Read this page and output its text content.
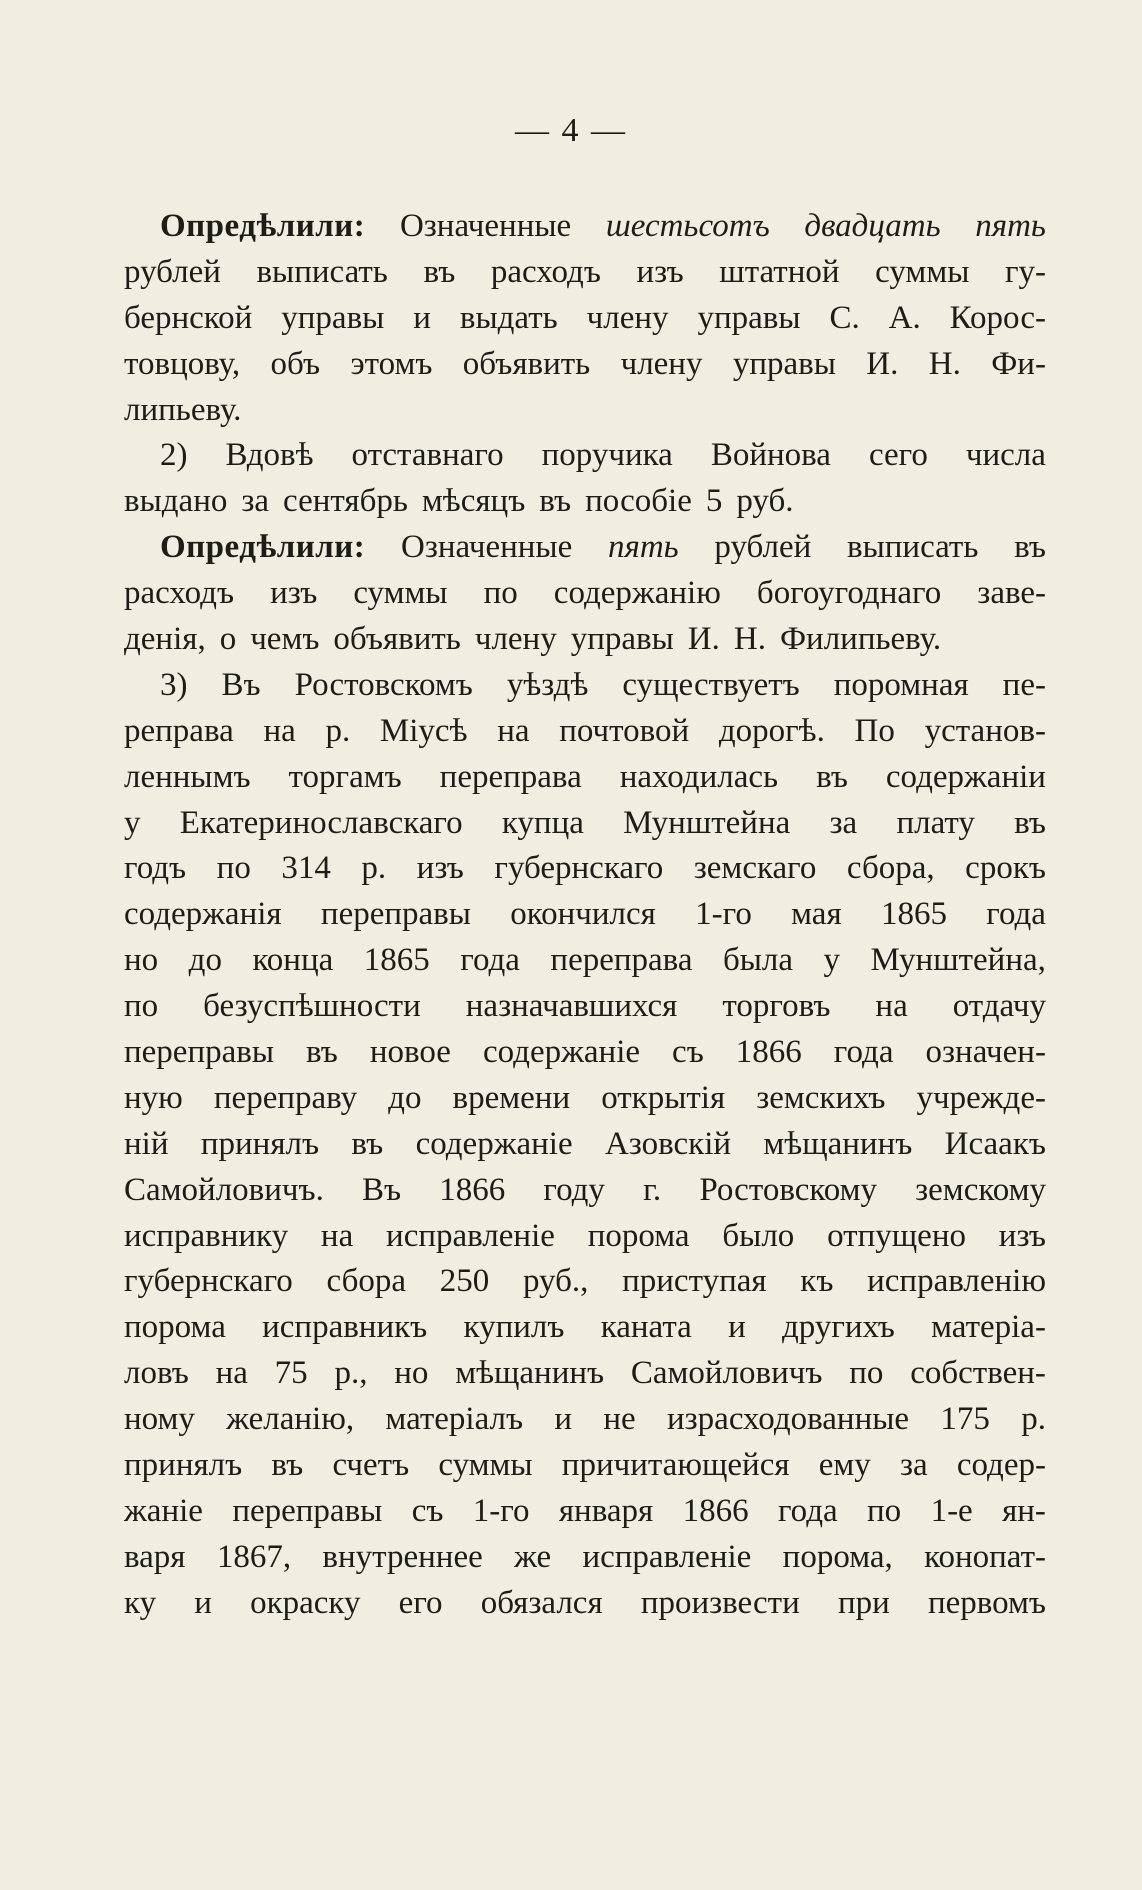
— 4 —
Опредѣлили: Означенные шестьсотъ двадцать пять
рублей выписать въ расходъ изъ штатной суммы гу-
бернской управы и выдать члену управы С. А. Корос-
товцову, объ этомъ объявить члену управы И. Н. Фи-
липьеву.
2) Вдовѣ отставнаго поручика Войнова сего числа
выдано за сентябрь мѣсяцъ въ пособіе 5 руб.
Опредѣлили: Означенные пять рублей выписать въ
расходъ изъ суммы по содержанію богоугоднаго заве-
денія, о чемъ объявить члену управы И. Н. Филипьеву.
3) Въ Ростовскомъ уѣздѣ существуетъ поромная пе-
реправа на р. Міусѣ на почтовой дорогѣ. По установ-
леннымъ торгамъ переправа находилась въ содержаніи
у Екатеринославскаго купца Мунштейна за плату въ
годъ по 314 р. изъ губернскаго земскаго сбора, срокъ
содержанія переправы окончился 1-го мая 1865 года
но до конца 1865 года переправа была у Мунштейна,
по безуспѣшности назначавшихся торговъ на отдачу
переправы въ новое содержаніе съ 1866 года означен-
ную переправу до времени открытія земскихъ учрежде-
ній принялъ въ содержаніе Азовскій мѣщанинъ Исаакъ
Самойловичъ. Въ 1866 году г. Ростовскому земскому
исправнику на исправленіе порома было отпущено изъ
губернскаго сбора 250 руб., приступая къ исправленію
порома исправникъ купилъ каната и другихъ матеріа-
ловъ на 75 р., но мѣщанинъ Самойловичъ по собствен-
ному желанію, матеріалъ и не израсходованные 175 р.
принялъ въ счетъ суммы причитающейся ему за содер-
жаніе переправы съ 1-го января 1866 года по 1-е ян-
варя 1867, внутреннее же исправленіе порома, конопат-
ку и окраску его обязался произвести при первомъ
